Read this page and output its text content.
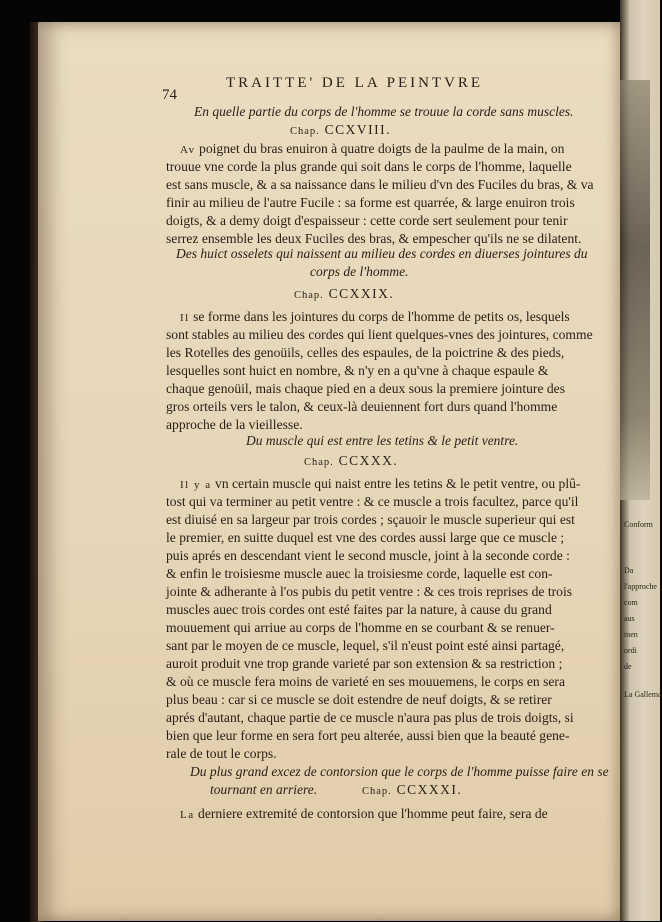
Conform
Da
l'approche
com
aus
men
ordi
de
La Gallema
74
TRAITTE' DE LA PEINTVRE
En quelle partie du corps de l'homme se trouue la corde sans muscles.
Chap. CCXVIII.
Av poignet du bras enuiron à quatre doigts de la paulme de la main, on
trouue vne corde la plus grande qui soit dans le corps de l'homme, laquelle
est sans muscle, & a sa naissance dans le milieu d'vn des Fuciles du bras, & va
finir au milieu de l'autre Fucile : sa forme est quarrée, & large enuiron trois
doigts, & a demy doigt d'espaisseur : cette corde sert seulement pour tenir
serrez ensemble les deux Fuciles des bras, & empescher qu'ils ne se dilatent.
Des huict osselets qui naissent au milieu des cordes en diuerses jointures du
corps de l'homme.
Chap. CCXXIX.
Il se forme dans les jointures du corps de l'homme de petits os, lesquels
sont stables au milieu des cordes qui lient quelques-vnes des jointures, comme
les Rotelles des genoüils, celles des espaules, de la poictrine & des pieds,
lesquelles sont huict en nombre, & n'y en a qu'vne à chaque espaule &
chaque genoüil, mais chaque pied en a deux sous la premiere jointure des
gros orteils vers le talon, & ceux-là deuiennent fort durs quand l'homme
approche de la vieillesse.
Du muscle qui est entre les tetins & le petit ventre.
Chap. CCXXX.
Il y a vn certain muscle qui naist entre les tetins & le petit ventre, ou plû-
tost qui va terminer au petit ventre : & ce muscle a trois facultez, parce qu'il
est diuisé en sa largeur par trois cordes ; sçauoir le muscle superieur qui est
le premier, en suitte duquel est vne des cordes aussi large que ce muscle ;
puis aprés en descendant vient le second muscle, joint à la seconde corde :
& enfin le troisiesme muscle auec la troisiesme corde, laquelle est con-
jointe & adherante à l'os pubis du petit ventre : & ces trois reprises de trois
muscles auec trois cordes ont esté faites par la nature, à cause du grand
mouuement qui arriue au corps de l'homme en se courbant & se renuer-
sant par le moyen de ce muscle, lequel, s'il n'eust point esté ainsi partagé,
auroit produit vne trop grande varieté par son extension & sa restriction ;
& où ce muscle fera moins de varieté en ses mouuemens, le corps en sera
plus beau : car si ce muscle se doit estendre de neuf doigts, & se retirer
aprés d'autant, chaque partie de ce muscle n'aura pas plus de trois doigts, si
bien que leur forme en sera fort peu alterée, aussi bien que la beauté gene-
rale de tout le corps.
Du plus grand excez de contorsion que le corps de l'homme puisse faire en se
tournant en arriere.	Chap. CCXXXI.
La derniere extremité de contorsion que l'homme peut faire, sera de
